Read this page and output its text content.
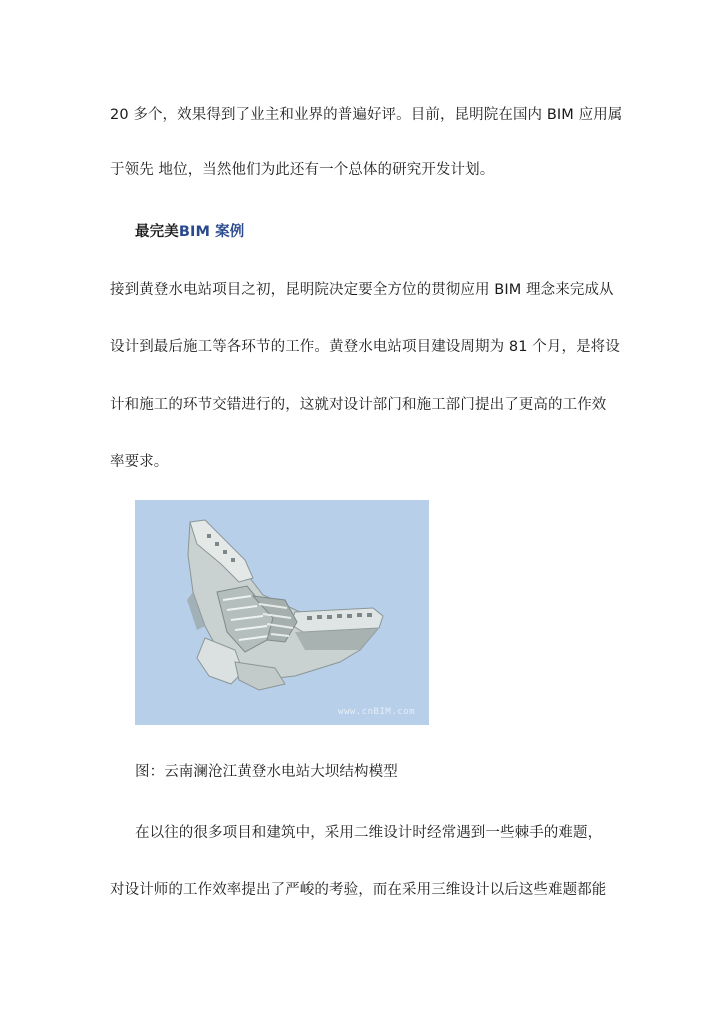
20 多个，效果得到了业主和业界的普遍好评。目前，昆明院在国内 BIM 应用属
于领先 地位，当然他们为此还有一个总体的研究开发计划。
最完美BIM 案例
接到黄登水电站项目之初，昆明院决定要全方位的贯彻应用 BIM 理念来完成从
设计到最后施工等各环节的工作。黄登水电站项目建设周期为 81 个月，是将设
计和施工的环节交错进行的，这就对设计部门和施工部门提出了更高的工作效
率要求。
www.cnBIM.com
图：云南澜沧江黄登水电站大坝结构模型
在以往的很多项目和建筑中，采用二维设计时经常遇到一些棘手的难题，
对设计师的工作效率提出了严峻的考验，而在采用三维设计以后这些难题都能
